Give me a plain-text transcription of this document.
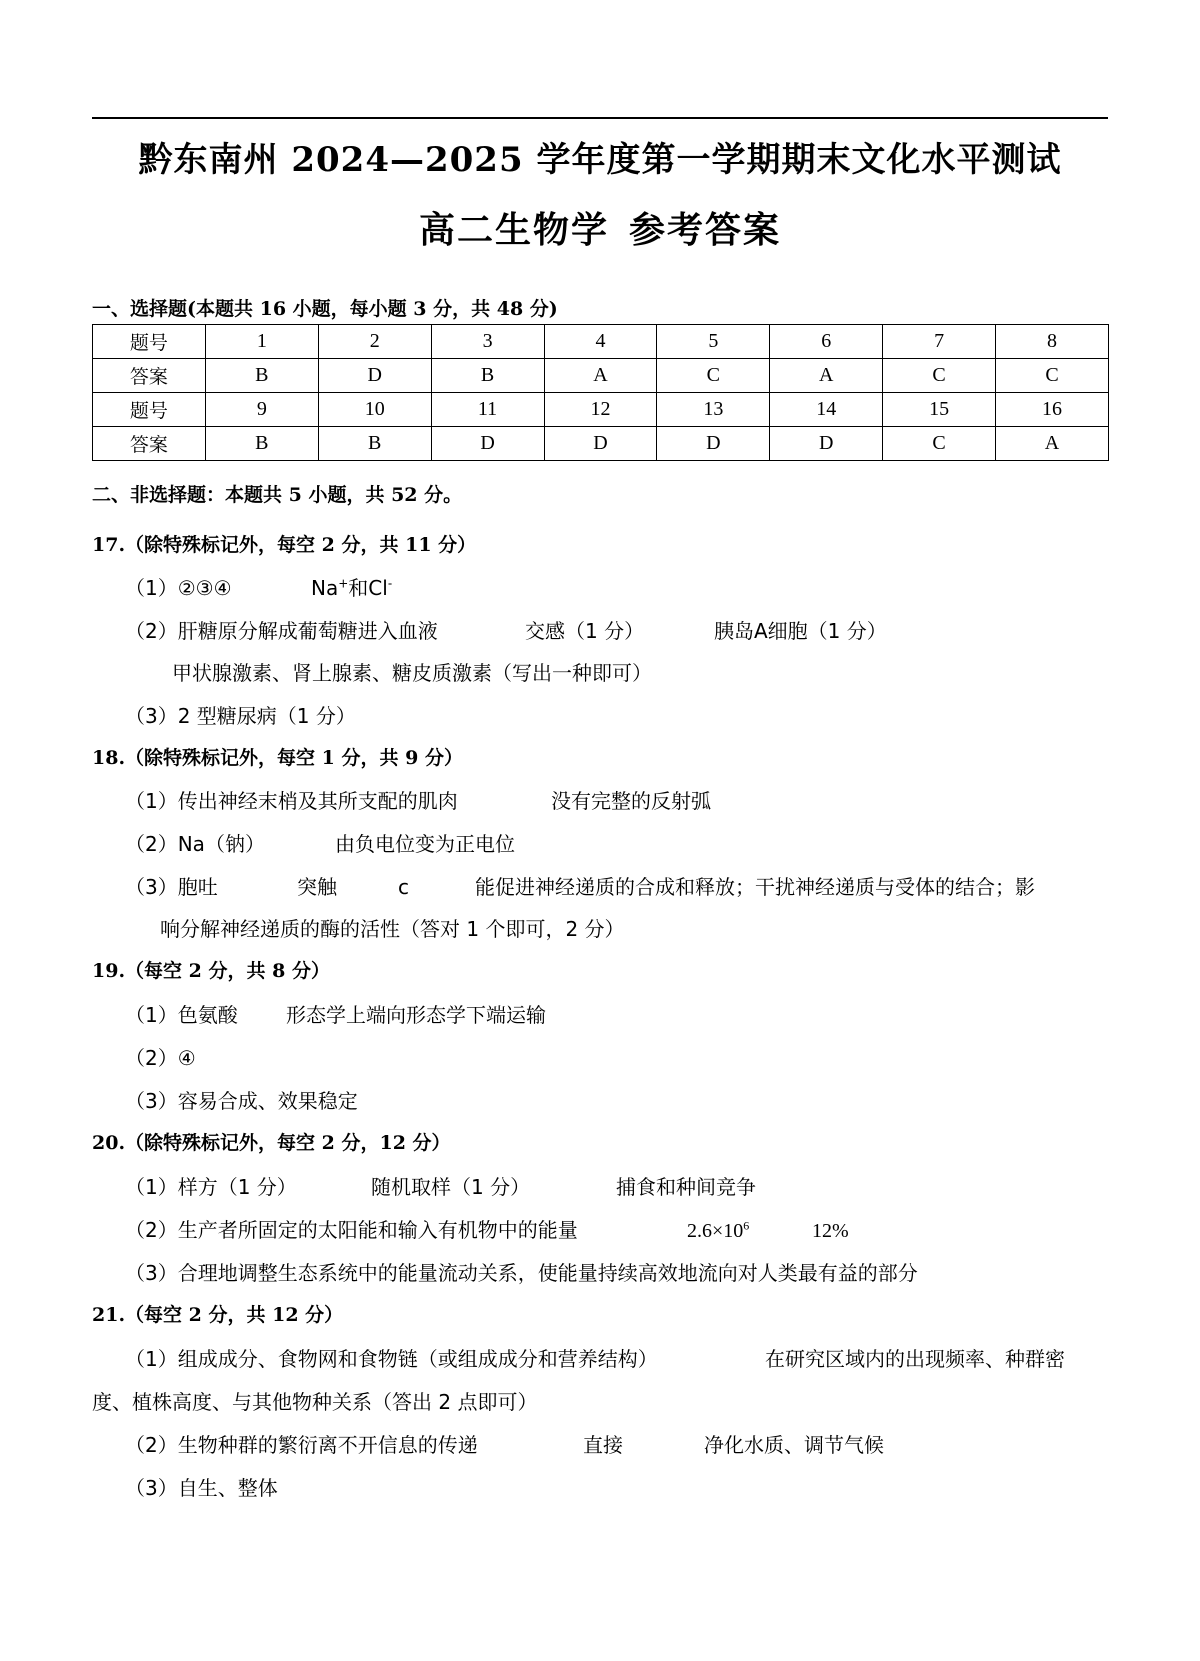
黔东南州 2024—2025 学年度第一学期期末文化水平测试
高二生物学 参考答案
一、选择题(本题共 16 小题，每小题 3 分，共 48 分)
题号	1	2	3	4	5	6	7	8
答案	B	D	B	A	C	A	C	C
题号	9	10	11	12	13	14	15	16
答案	B	B	D	D	D	D	C	A
二、非选择题：本题共 5 小题，共 52 分。
17.（除特殊标记外，每空 2 分，共 11 分）
（1）②③④	Na+和Cl-
（2）肝糖原分解成葡萄糖进入血液	交感（1 分）	胰岛A细胞（1 分）
甲状腺激素、肾上腺素、糖皮质激素（写出一种即可）
（3）2 型糖尿病（1 分）
18.（除特殊标记外，每空 1 分，共 9 分）
（1）传出神经末梢及其所支配的肌肉	没有完整的反射弧
（2）Na（钠）	由负电位变为正电位
（3）胞吐	突触	c	能促进神经递质的合成和释放；干扰神经递质与受体的结合；影
响分解神经递质的酶的活性（答对 1 个即可，2 分）
19.（每空 2 分，共 8 分）
（1）色氨酸 形态学上端向形态学下端运输
（2）④
（3）容易合成、效果稳定
20.（除特殊标记外，每空 2 分，12 分）
（1）样方（1 分）	随机取样（1 分）	捕食和种间竞争
（2）生产者所固定的太阳能和输入有机物中的能量	$2.6\times 10^6$	12%
（3）合理地调整生态系统中的能量流动关系，使能量持续高效地流向对人类最有益的部分
21.（每空 2 分，共 12 分）
（1）组成成分、食物网和食物链（或组成成分和营养结构）	在研究区域内的出现频率、种群密
度、植株高度、与其他物种关系（答出 2 点即可）
（2）生物种群的繁衍离不开信息的传递	直接	净化水质、调节气候
（3）自生、整体
